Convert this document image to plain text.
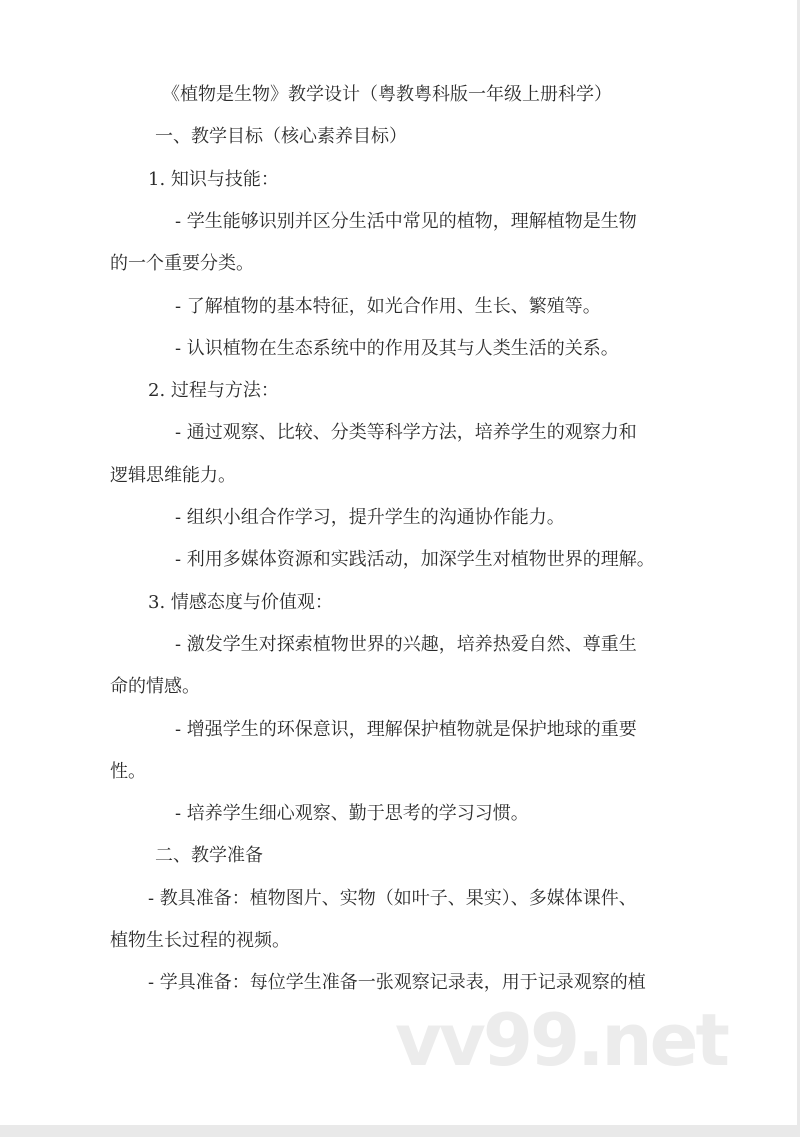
vv99.net
《植物是生物》教学设计（粤教粤科版一年级上册科学）
一、教学目标（核心素养目标）
1. 知识与技能：
- 学生能够识别并区分生活中常见的植物，理解植物是生物
的一个重要分类。
- 了解植物的基本特征，如光合作用、生长、繁殖等。
- 认识植物在生态系统中的作用及其与人类生活的关系。
2. 过程与方法：
- 通过观察、比较、分类等科学方法，培养学生的观察力和
逻辑思维能力。
- 组织小组合作学习，提升学生的沟通协作能力。
- 利用多媒体资源和实践活动，加深学生对植物世界的理解。
3. 情感态度与价值观：
- 激发学生对探索植物世界的兴趣，培养热爱自然、尊重生
命的情感。
- 增强学生的环保意识，理解保护植物就是保护地球的重要
性。
- 培养学生细心观察、勤于思考的学习习惯。
二、教学准备
- 教具准备：植物图片、实物（如叶子、果实）、多媒体课件、
植物生长过程的视频。
- 学具准备：每位学生准备一张观察记录表，用于记录观察的植
